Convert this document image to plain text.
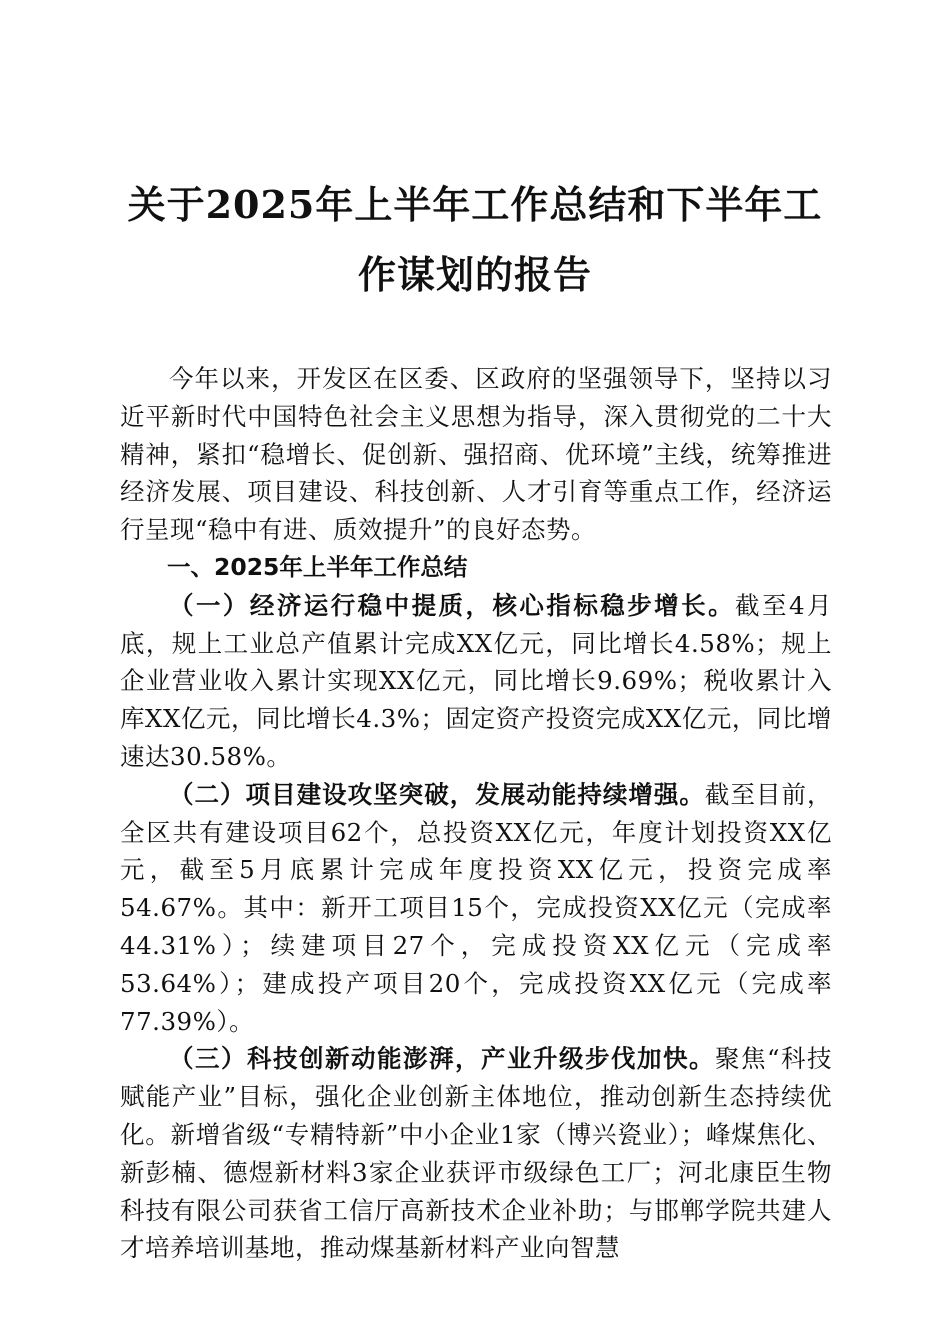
关于2025年上半年工作总结和下半年工作谋划的报告

今年以来，开发区在区委、区政府的坚强领导下，坚持以习近平新时代中国特色社会主义思想为指导，深入贯彻党的二十大精神，紧扣“稳增长、促创新、强招商、优环境”主线，统筹推进经济发展、项目建设、科技创新、人才引育等重点工作，经济运行呈现“稳中有进、质效提升”的良好态势。

一、2025年上半年工作总结

（一）经济运行稳中提质，核心指标稳步增长。截至4月底，规上工业总产值累计完成XX亿元，同比增长4.58%；规上企业营业收入累计实现XX亿元，同比增长9.69%；税收累计入库XX亿元，同比增长4.3%；固定资产投资完成XX亿元，同比增速达30.58%。

（二）项目建设攻坚突破，发展动能持续增强。截至目前，全区共有建设项目62个，总投资XX亿元，年度计划投资XX亿元，截至5月底累计完成年度投资XX亿元，投资完成率54.67%。其中：新开工项目15个，完成投资XX亿元（完成率44.31%）；续建项目27个，完成投资XX亿元（完成率53.64%）；建成投产项目20个，完成投资XX亿元（完成率77.39%）。

（三）科技创新动能澎湃，产业升级步伐加快。聚焦“科技赋能产业”目标，强化企业创新主体地位，推动创新生态持续优化。新增省级“专精特新”中小企业1家（博兴瓷业）；峰煤焦化、新彭楠、德煜新材料3家企业获评市级绿色工厂；河北康臣生物科技有限公司获省工信厅高新技术企业补助；与邯郸学院共建人才培养培训基地，推动煤基新材料产业向智慧
